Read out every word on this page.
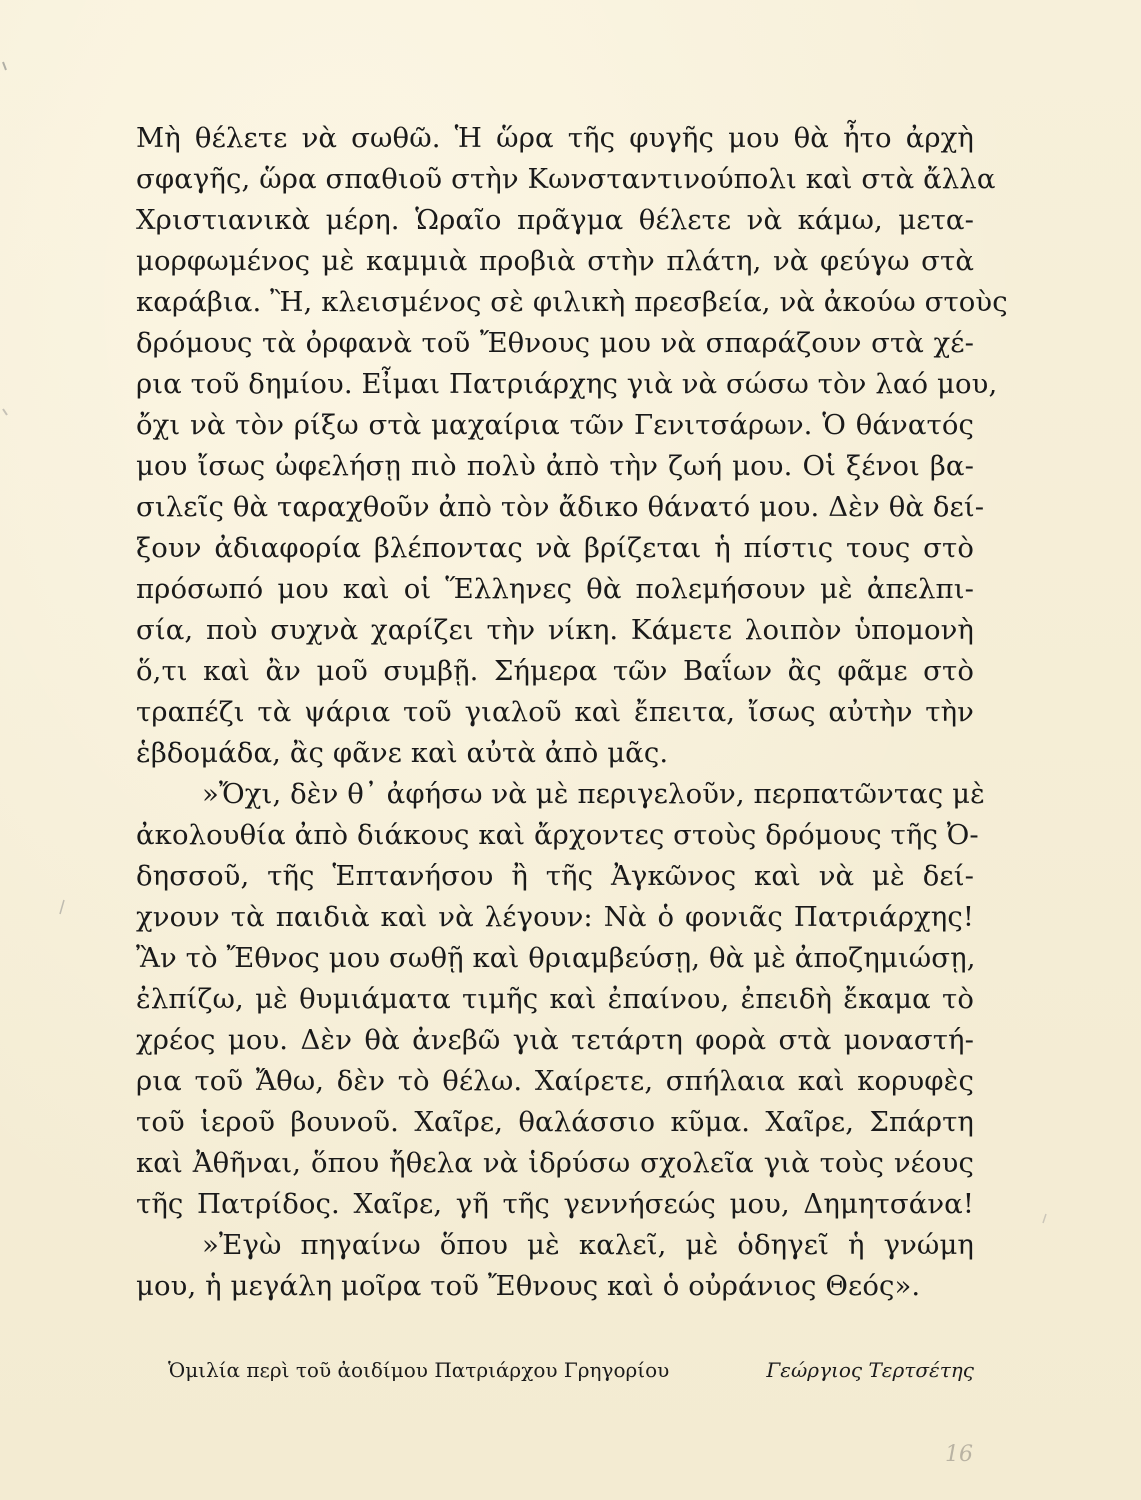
Μὴ θέλετε νὰ σωθῶ. Ἡ ὥρα τῆς φυγῆς μου θὰ ἦτο ἀρχὴ
σφαγῆς, ὥρα σπαθιοῦ στὴν Κωνσταντινούπολι καὶ στὰ ἄλλα
Χριστιανικὰ μέρη. Ὡραῖο πρᾶγμα θέλετε νὰ κάμω, μετα-
μορφωμένος μὲ καμμιὰ προβιὰ στὴν πλάτη, νὰ φεύγω στὰ
καράβια. Ἢ, κλεισμένος σὲ φιλικὴ πρεσβεία, νὰ ἀκούω στοὺς
δρόμους τὰ ὀρφανὰ τοῦ Ἔθνους μου νὰ σπαράζουν στὰ χέ-
ρια τοῦ δημίου. Εἶμαι Πατριάρχης γιὰ νὰ σώσω τὸν λαό μου,
ὄχι νὰ τὸν ρίξω στὰ μαχαίρια τῶν Γενιτσάρων. Ὁ θάνατός
μου ἴσως ὠφελήσῃ πιὸ πολὺ ἀπὸ τὴν ζωή μου. Οἱ ξένοι βα-
σιλεῖς θὰ ταραχθοῦν ἀπὸ τὸν ἄδικο θάνατό μου. Δὲν θὰ δεί-
ξουν ἀδιαφορία βλέποντας νὰ βρίζεται ἡ πίστις τους στὸ
πρόσωπό μου καὶ οἱ Ἕλληνες θὰ πολεμήσουν μὲ ἀπελπι-
σία, ποὺ συχνὰ χαρίζει τὴν νίκη. Κάμετε λοιπὸν ὑπομονὴ
ὅ,τι καὶ ἂν μοῦ συμβῇ. Σήμερα τῶν Βαΐων ἂς φᾶμε στὸ
τραπέζι τὰ ψάρια τοῦ γιαλοῦ καὶ ἔπειτα, ἴσως αὐτὴν τὴν
ἑβδομάδα, ἂς φᾶνε καὶ αὐτὰ ἀπὸ μᾶς.
»Ὄχι, δὲν θ᾽ ἀφήσω νὰ μὲ περιγελοῦν, περπατῶντας μὲ
ἀκολουθία ἀπὸ διάκους καὶ ἄρχοντες στοὺς δρόμους τῆς Ὀ-
δησσοῦ, τῆς Ἑπτανήσου ἢ τῆς Ἀγκῶνος καὶ νὰ μὲ δεί-
χνουν τὰ παιδιὰ καὶ νὰ λέγουν: Νὰ ὁ φονιᾶς Πατριάρχης!
Ἂν τὸ Ἔθνος μου σωθῇ καὶ θριαμβεύσῃ, θὰ μὲ ἀποζημιώσῃ,
ἐλπίζω, μὲ θυμιάματα τιμῆς καὶ ἐπαίνου, ἐπειδὴ ἔκαμα τὸ
χρέος μου. Δὲν θὰ ἀνεβῶ γιὰ τετάρτη φορὰ στὰ μοναστή-
ρια τοῦ Ἄθω, δὲν τὸ θέλω. Χαίρετε, σπήλαια καὶ κορυφὲς
τοῦ ἱεροῦ βουνοῦ. Χαῖρε, θαλάσσιο κῦμα. Χαῖρε, Σπάρτη
καὶ Ἀθῆναι, ὅπου ἤθελα νὰ ἱδρύσω σχολεῖα γιὰ τοὺς νέους
τῆς Πατρίδος. Χαῖρε, γῆ τῆς γεννήσεώς μου, Δημητσάνα!
»Ἐγὼ πηγαίνω ὅπου μὲ καλεῖ, μὲ ὁδηγεῖ ἡ γνώμη
μου, ἡ μεγάλη μοῖρα τοῦ Ἔθνους καὶ ὁ οὐράνιος Θεός».
Ὁμιλία περὶ τοῦ ἀοιδίμου Πατριάρχου Γρηγορίου	Γεώργιος Τερτσέτης
16
